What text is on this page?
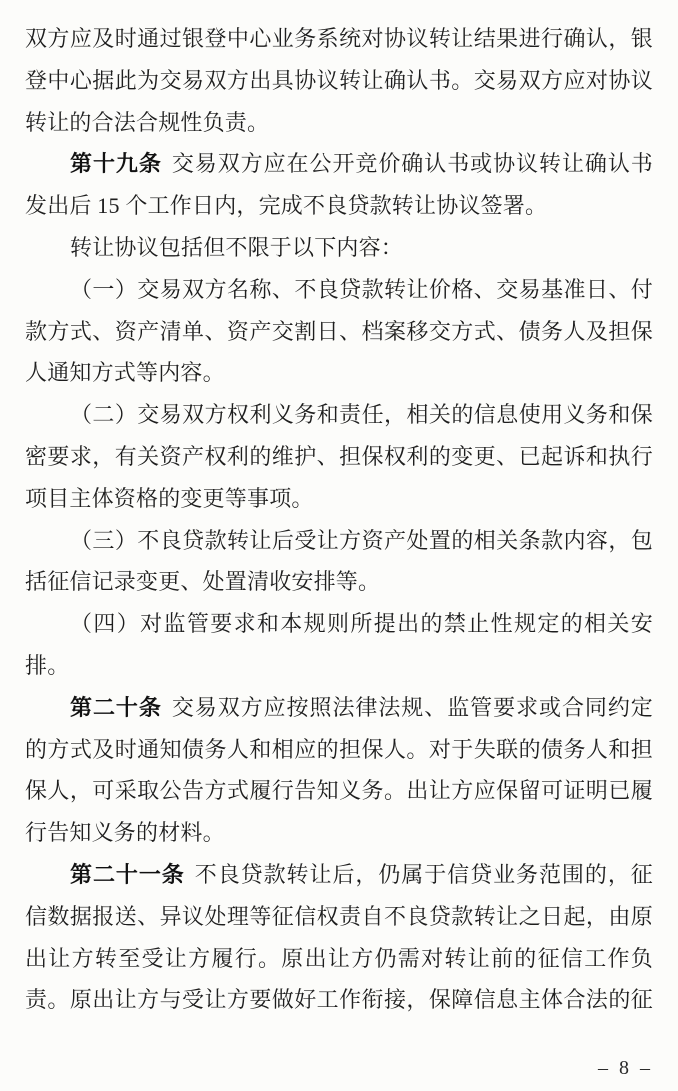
双方应及时通过银登中心业务系统对协议转让结果进行确认，银
登中心据此为交易双方出具协议转让确认书。交易双方应对协议
转让的合法合规性负责。
第十九条 交易双方应在公开竞价确认书或协议转让确认书
发出后 15 个工作日内，完成不良贷款转让协议签署。
转让协议包括但不限于以下内容：
（一）交易双方名称、不良贷款转让价格、交易基准日、付
款方式、资产清单、资产交割日、档案移交方式、债务人及担保
人通知方式等内容。
（二）交易双方权利义务和责任，相关的信息使用义务和保
密要求，有关资产权利的维护、担保权利的变更、已起诉和执行
项目主体资格的变更等事项。
（三）不良贷款转让后受让方资产处置的相关条款内容，包
括征信记录变更、处置清收安排等。
（四）对监管要求和本规则所提出的禁止性规定的相关安
排。
第二十条 交易双方应按照法律法规、监管要求或合同约定
的方式及时通知债务人和相应的担保人。对于失联的债务人和担
保人，可采取公告方式履行告知义务。出让方应保留可证明已履
行告知义务的材料。
第二十一条 不良贷款转让后，仍属于信贷业务范围的，征
信数据报送、异议处理等征信权责自不良贷款转让之日起，由原
出让方转至受让方履行。原出让方仍需对转让前的征信工作负
责。原出让方与受让方要做好工作衔接，保障信息主体合法的征
– 8 –
